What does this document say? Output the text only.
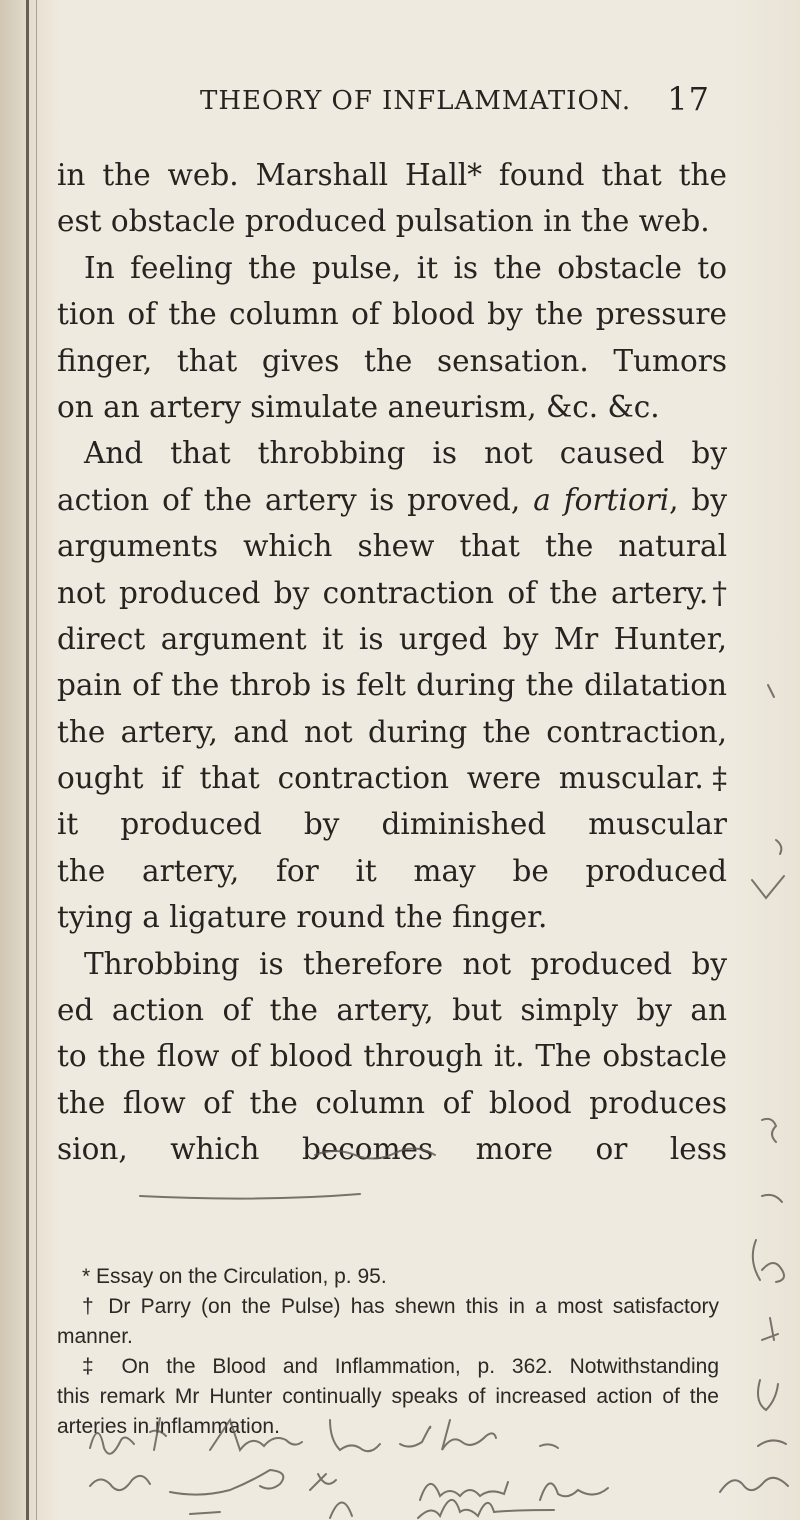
THEORY OF INFLAMMATION. 17
in the web. Marshall Hall* found that the
est obstacle produced pulsation in the web.
In feeling the pulse, it is the obstacle to
tion of the column of blood by the pressure
finger, that gives the sensation. Tumors
on an artery simulate aneurism, &c. &c.
And that throbbing is not caused by
action of the artery is proved, a fortiori, by
arguments which shew that the natural
not produced by contraction of the artery.†
direct argument it is urged by Mr Hunter,
pain of the throb is felt during the dilatation
the artery, and not during the contraction,
ought if that contraction were muscular.‡
it produced by diminished muscular
the artery, for it may be produced
tying a ligature round the finger.
Throbbing is therefore not produced by
ed action of the artery, but simply by an
to the flow of blood through it. The obstacle
the flow of the column of blood produces
sion, which becomes more or less
* Essay on the Circulation, p. 95.
† Dr Parry (on the Pulse) has shewn this in a most satisfactory
manner.
‡ On the Blood and Inflammation, p. 362. Notwithstanding
this remark Mr Hunter continually speaks of increased action of the
arteries in inflammation.
